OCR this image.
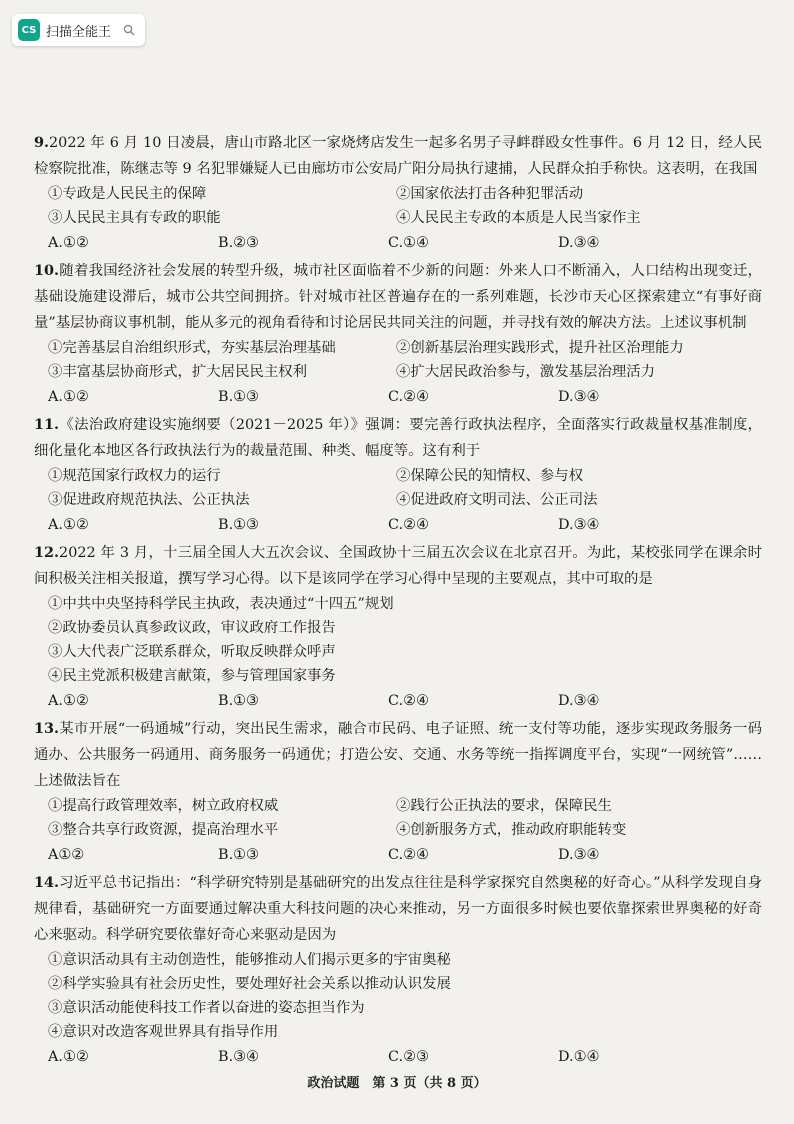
CS 扫描全能王

9.2022 年 6 月 10 日凌晨，唐山市路北区一家烧烤店发生一起多名男子寻衅群殴女性事件。6 月 12 日，经人民检察院批准，陈继志等 9 名犯罪嫌疑人已由廊坊市公安局广阳分局执行逮捕，人民群众拍手称快。这表明，在我国

①专政是人民民主的保障	②国家依法打击各种犯罪活动
③人民民主具有专政的职能	④人民民主专政的本质是人民当家作主
A.①②	B.②③	C.①④	D.③④

10.随着我国经济社会发展的转型升级，城市社区面临着不少新的问题：外来人口不断涌入，人口结构出现变迁，基础设施建设滞后，城市公共空间拥挤。针对城市社区普遍存在的一系列难题，长沙市天心区探索建立“有事好商量”基层协商议事机制，能从多元的视角看待和讨论居民共同关注的问题，并寻找有效的解决方法。上述议事机制

①完善基层自治组织形式，夯实基层治理基础	②创新基层治理实践形式，提升社区治理能力
③丰富基层协商形式，扩大居民民主权利	④扩大居民政治参与，激发基层治理活力
A.①②	B.①③	C.②④	D.③④

11.《法治政府建设实施纲要（2021－2025 年）》强调：要完善行政执法程序，全面落实行政裁量权基准制度，细化量化本地区各行政执法行为的裁量范围、种类、幅度等。这有利于

①规范国家行政权力的运行	②保障公民的知情权、参与权
③促进政府规范执法、公正执法	④促进政府文明司法、公正司法
A.①②	B.①③	C.②④	D.③④

12.2022 年 3 月，十三届全国人大五次会议、全国政协十三届五次会议在北京召开。为此，某校张同学在课余时间积极关注相关报道，撰写学习心得。以下是该同学在学习心得中呈现的主要观点，其中可取的是

①中共中央坚持科学民主执政，表决通过“十四五”规划
②政协委员认真参政议政，审议政府工作报告
③人大代表广泛联系群众，听取反映群众呼声
④民主党派积极建言献策，参与管理国家事务
A.①②	B.①③	C.②④	D.③④

13.某市开展“一码通城”行动，突出民生需求，融合市民码、电子证照、统一支付等功能，逐步实现政务服务一码通办、公共服务一码通用、商务服务一码通优；打造公安、交通、水务等统一指挥调度平台，实现“一网统管”……上述做法旨在

①提高行政管理效率，树立政府权威	②践行公正执法的要求，保障民生
③整合共享行政资源，提高治理水平	④创新服务方式，推动政府职能转变
A①②	B.①③	C.②④	D.③④

14.习近平总书记指出：“科学研究特别是基础研究的出发点往往是科学家探究自然奥秘的好奇心。”从科学发现自身规律看，基础研究一方面要通过解决重大科技问题的决心来推动，另一方面很多时候也要依靠探索世界奥秘的好奇心来驱动。科学研究要依靠好奇心来驱动是因为

①意识活动具有主动创造性，能够推动人们揭示更多的宇宙奥秘
②科学实验具有社会历史性，要处理好社会关系以推动认识发展
③意识活动能使科技工作者以奋进的姿态担当作为
④意识对改造客观世界具有指导作用
A.①②	B.③④	C.②③	D.①④
政治试题　第 3 页（共 8 页）
